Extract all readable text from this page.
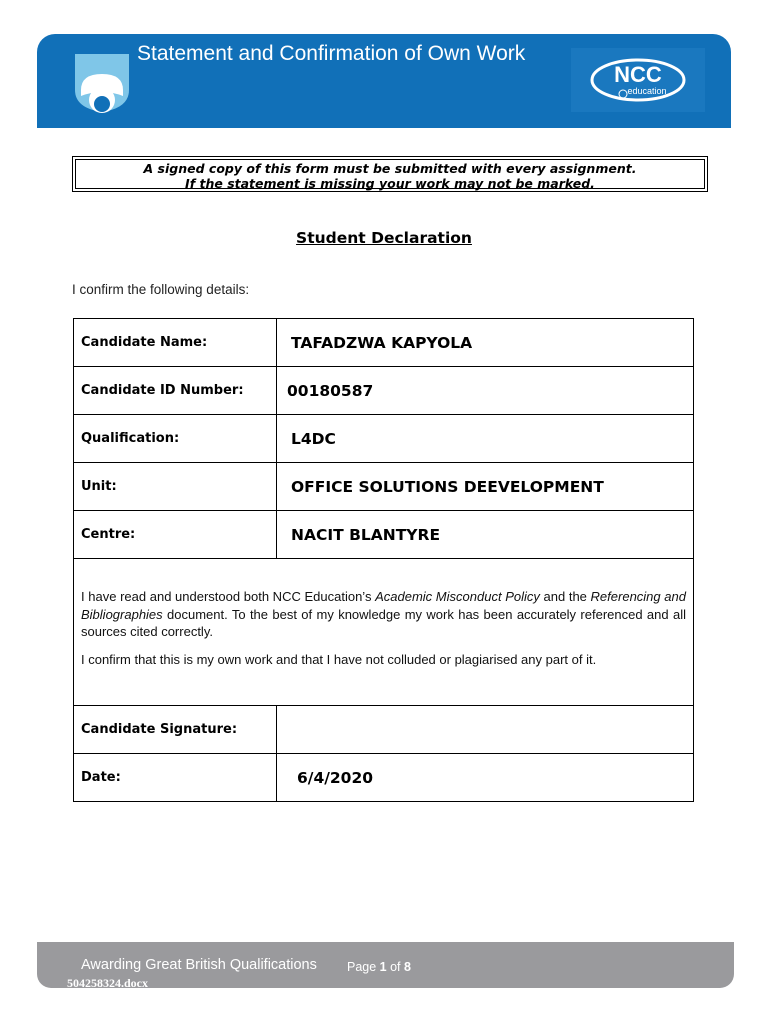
Statement and Confirmation of Own Work
NCC
education
A signed copy of this form must be submitted with every assignment.
If the statement is missing your work may not be marked.
Student Declaration
I confirm the following details:
Candidate Name:	TAFADZWA KAPYOLA
Candidate ID Number:	00180587
Qualification:	L4DC
Unit:	OFFICE SOLUTIONS DEEVELOPMENT
Centre:	NACIT BLANTYRE

I have read and understood both NCC Education’s Academic Misconduct Policy and the Referencing and Bibliographies document. To the best of my knowledge my work has been accurately referenced and all sources cited correctly.

I confirm that this is my own work and that I have not colluded or plagiarised any part of it.	

Candidate Signature:	
Date:	6/4/2020
Awarding Great British Qualifications Page 1 of 8
504258324.docx
